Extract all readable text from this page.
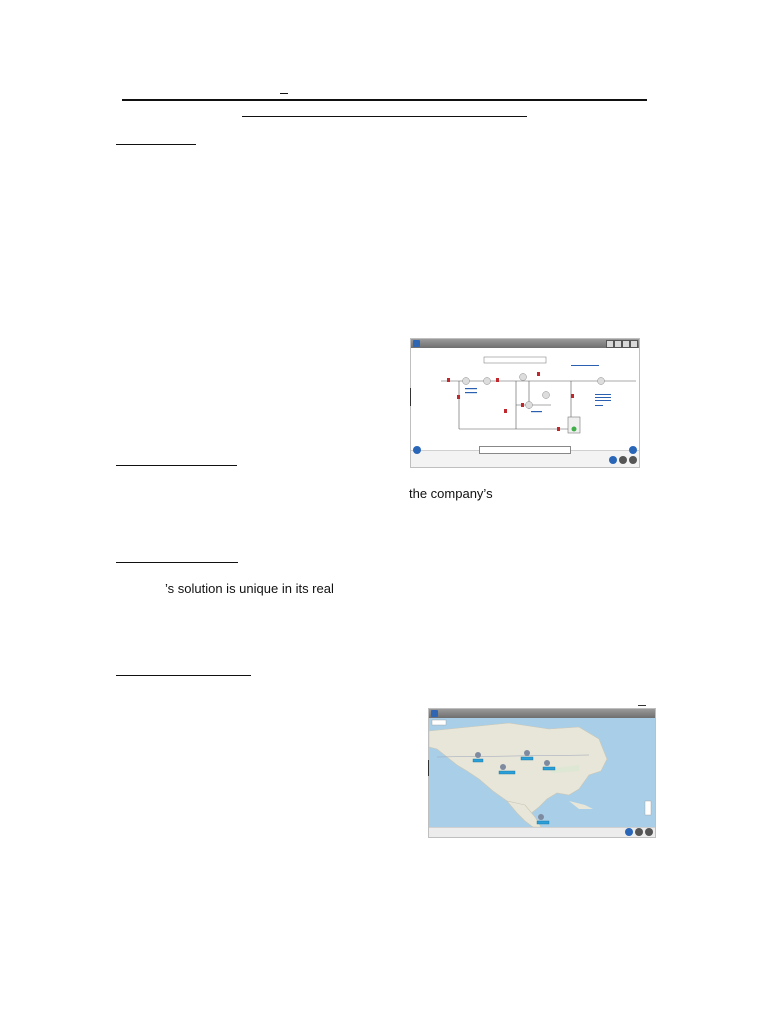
the company’s
’s solution is unique in its real
